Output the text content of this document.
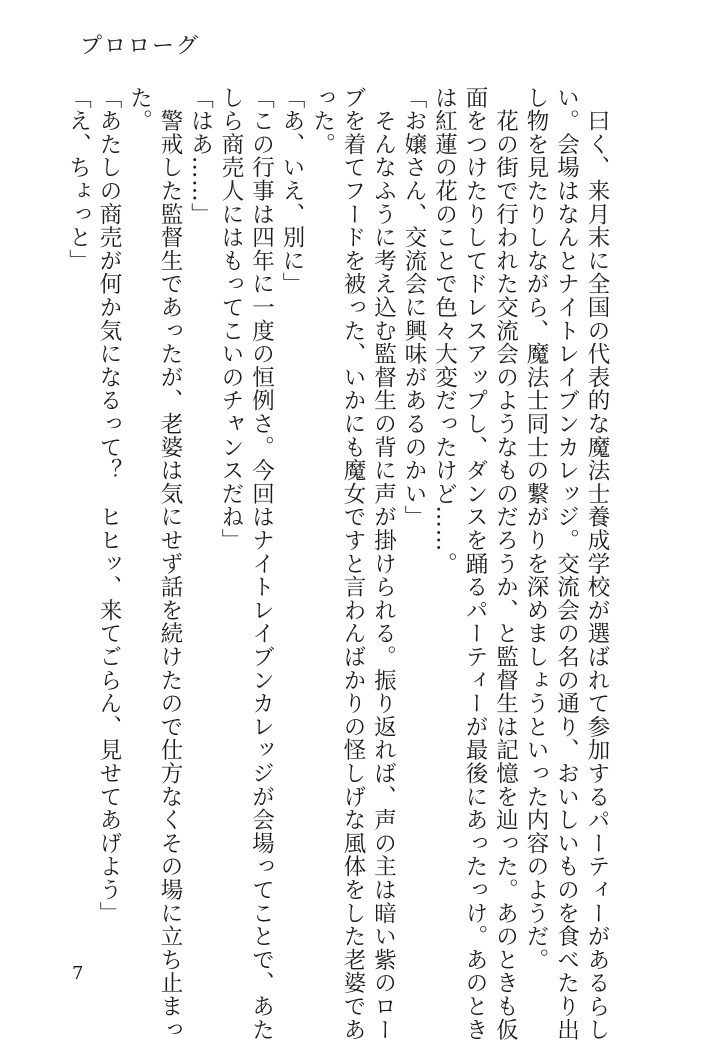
プロローグ

　曰く、来月末に全国の代表的な魔法士養成学校が選ばれて参加するパーティーがあるらし

い。会場はなんとナイトレイブンカレッジ。交流会の名の通り、おいしいものを食べたり出

し物を見たりしながら、魔法士同士の繋がりを深めましょうといった内容のようだ。

　花の街で行われた交流会のようなものだろうか、と監督生は記憶を辿った。あのときも仮

面をつけたりしてドレスアップし、ダンスを踊るパーティーが最後にあったっけ。あのとき

は紅蓮の花のことで色々大変だったけど……。

「お嬢さん、交流会に興味があるのかい」

　そんなふうに考え込む監督生の背に声が掛けられる。振り返れば、声の主は暗い紫のロー

ブを着てフードを被った、いかにも魔女ですと言わんばかりの怪しげな風体をした老婆であ

った。

「あ、いえ、別に」

「この行事は四年に一度の恒例さ。今回はナイトレイブンカレッジが会場ってことで、あた

しら商売人にはもってこいのチャンスだね」

「はあ……」

　警戒した監督生であったが、老婆は気にせず話を続けたので仕方なくその場に立ち止まっ

た。

「あたしの商売が何か気になるって？　ヒヒッ、来てごらん、見せてあげよう」

「え、ちょっと」

7
